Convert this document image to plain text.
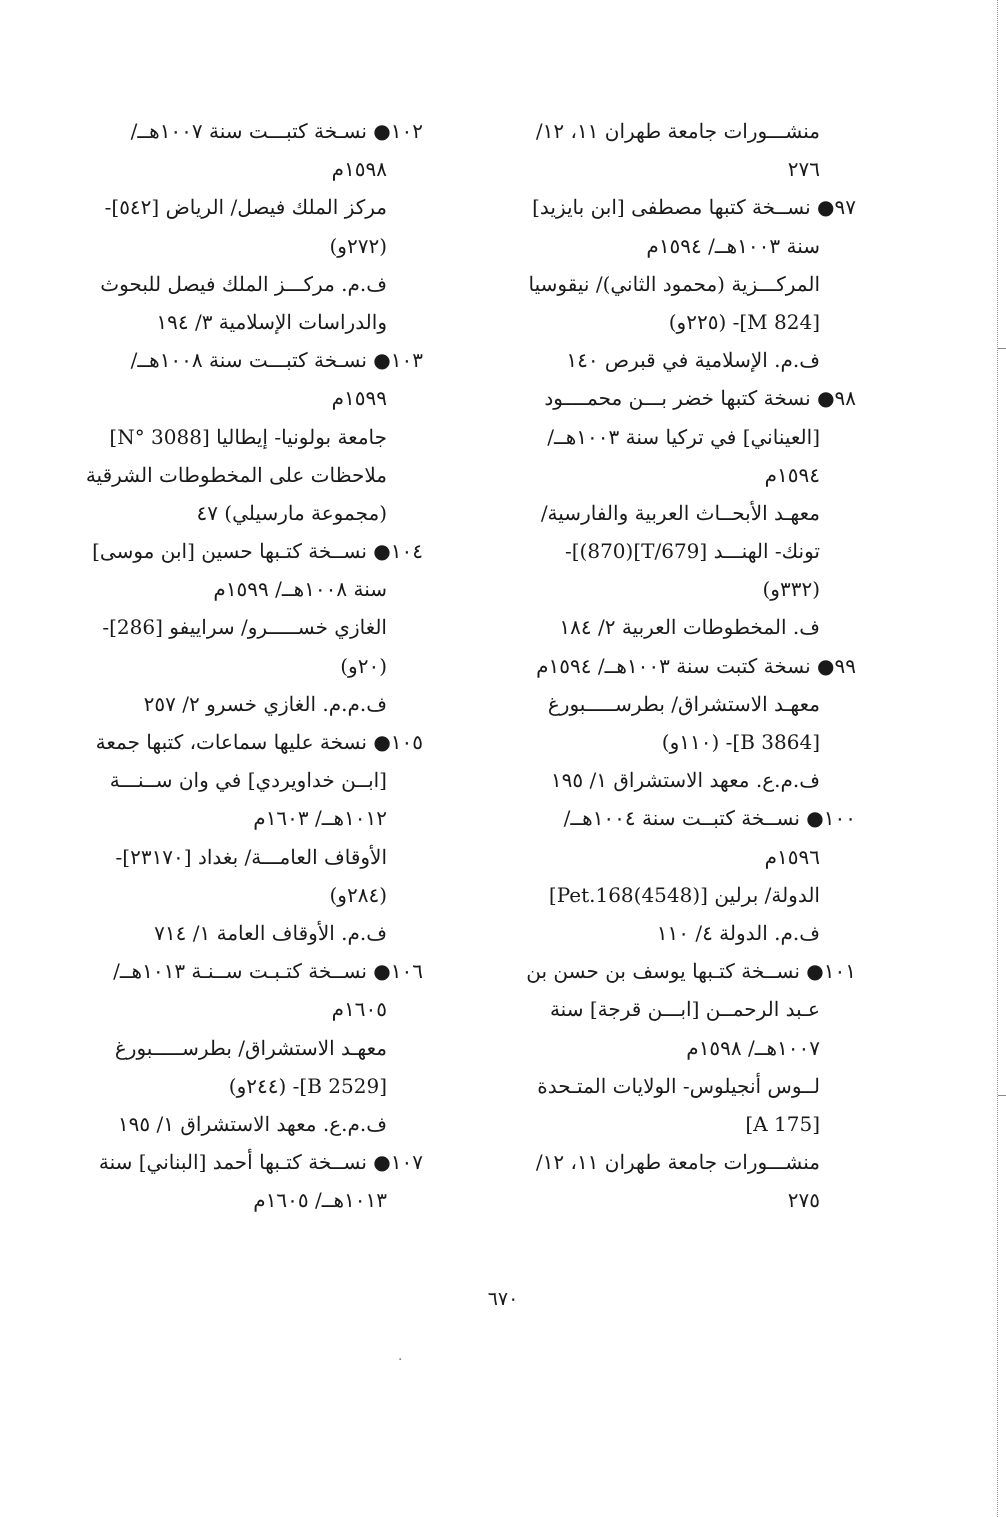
منشـــورات جامعة طهران ١١، ١٢/
٢٧٦
٩٧● نســخة كتبها مصطفى [ابن بايزيد]
سنة ١٠٠٣هــ/ ١٥٩٤م
المركـــزية (محمود الثاني)/ نيقوسيا
[M 824]- (٢٢٥و)
ف.م. الإسلامية في قبرص ١٤٠
٩٨● نسخة كتبها خضر بـــن محمــــود
[العيناني] في تركيا سنة ١٠٠٣هــ/
١٥٩٤م
معهـد الأبحــاث العربية والفارسية/
تونك- الهنـــد [T/679](870)]-
(٣٣٢و)
ف. المخطوطات العربية ٢/ ١٨٤
٩٩● نسخة كتبت سنة ١٠٠٣هــ/ ١٥٩٤م
معهـد الاستشراق/ بطرســـــبورغ
[B 3864]- (١١٠و)
ف.م.ع. معهد الاستشراق ١/ ١٩٥
١٠٠● نســخة كتبــت سنة ١٠٠٤هــ/
١٥٩٦م
الدولة/ برلين [Pet.168(4548)]
ف.م. الدولة ٤/ ١١٠
١٠١● نســخة كتـبها يوسف بن حسن بن
عـبد الرحمــن [ابـــن قرجة] سنة
١٠٠٧هــ/ ١٥٩٨م
لــوس أنجيلوس- الولايات المتـحدة
[A 175]
منشـــورات جامعة طهران ١١، ١٢/
٢٧٥
١٠٢● نسـخة كتبـــت سنة ١٠٠٧هــ/
١٥٩٨م
مركز الملك فيصل/ الرياض [٥٤٢]-
(٢٧٢و)
ف.م. مركـــز الملك فيصل للبحوث
والدراسات الإسلامية ٣/ ١٩٤
١٠٣● نسـخة كتبـــت سنة ١٠٠٨هــ/
١٥٩٩م
جامعة بولونيا- إيطاليا [N° 3088]
ملاحظات على المخطوطات الشرقية
(مجموعة مارسيلي) ٤٧
١٠٤● نســخة كتـبها حسين [ابن موسى]
سنة ١٠٠٨هــ/ ١٥٩٩م
الغازي خســـــرو/ سراييفو [286]-
(٢٠و)
ف.م.م. الغازي خسرو ٢/ ٢٥٧
١٠٥● نسخة عليها سماعات، كتبها جمعة
[ابــن خداويردي] في وان ســنـــة
١٠١٢هــ/ ١٦٠٣م
الأوقاف العامـــة/ بغداد [٢٣١٧٠]-
(٢٨٤و)
ف.م. الأوقاف العامة ١/ ٧١٤
١٠٦● نســخة كتـبـت ســنـة ١٠١٣هــ/
١٦٠٥م
معهـد الاستشراق/ بطرســـــبورغ
[B 2529]- (٢٤٤و)
ف.م.ع. معهد الاستشراق ١/ ١٩٥
١٠٧● نســخة كتـبها أحمد [البناني] سنة
١٠١٣هــ/ ١٦٠٥م
٦٧٠
·
